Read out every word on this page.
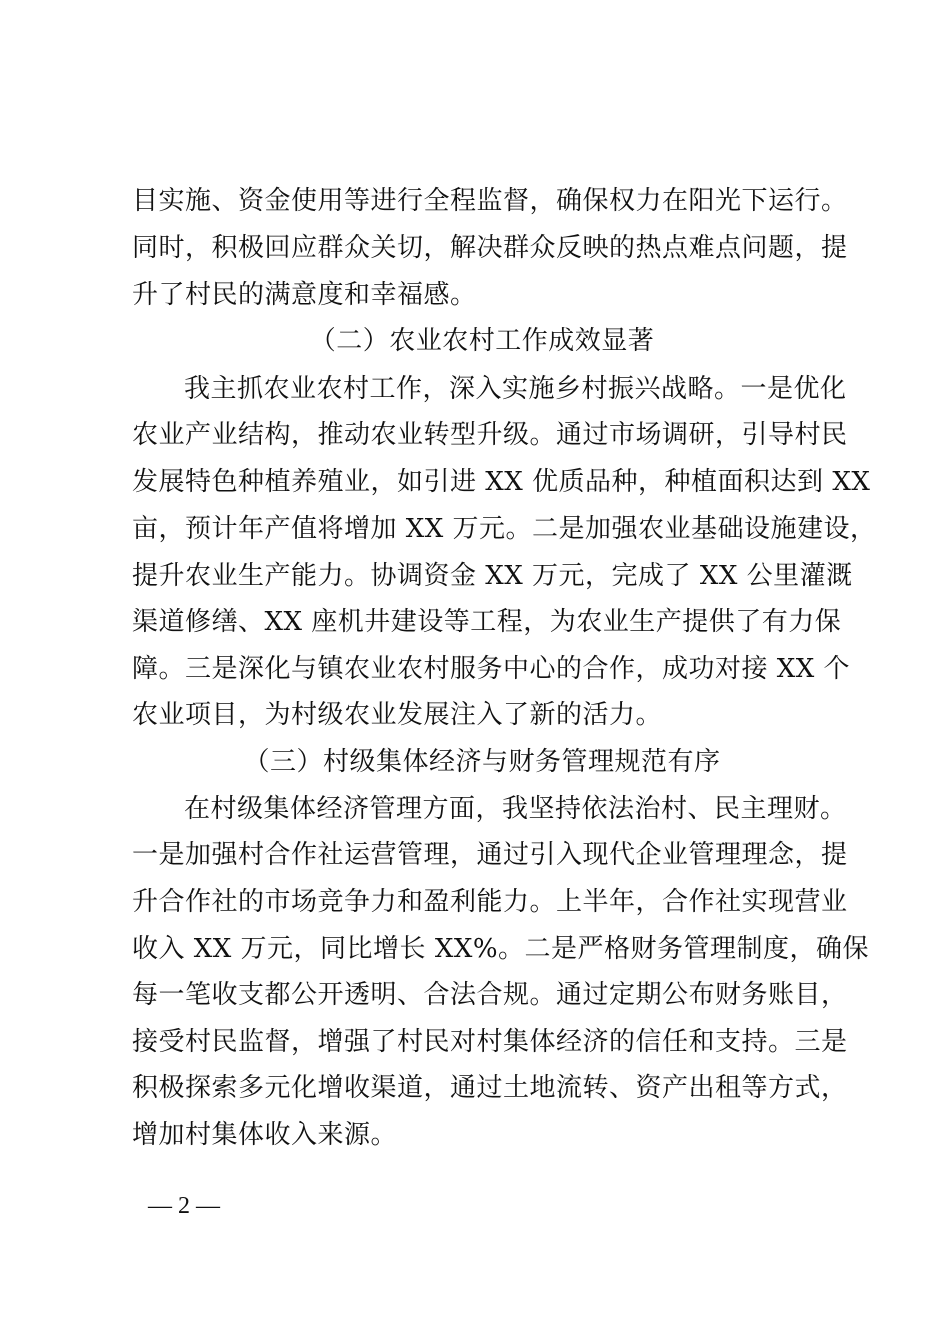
目实施、资金使用等进行全程监督，确保权力在阳光下运行。
同时，积极回应群众关切，解决群众反映的热点难点问题，提
升了村民的满意度和幸福感。
（二）农业农村工作成效显著
我主抓农业农村工作，深入实施乡村振兴战略。一是优化
农业产业结构，推动农业转型升级。通过市场调研，引导村民
发展特色种植养殖业，如引进 XX 优质品种，种植面积达到 XX
亩，预计年产值将增加 XX 万元。二是加强农业基础设施建设，
提升农业生产能力。协调资金 XX 万元，完成了 XX 公里灌溉
渠道修缮、XX 座机井建设等工程，为农业生产提供了有力保
障。三是深化与镇农业农村服务中心的合作，成功对接 XX 个
农业项目，为村级农业发展注入了新的活力。
（三）村级集体经济与财务管理规范有序
在村级集体经济管理方面，我坚持依法治村、民主理财。
一是加强村合作社运营管理，通过引入现代企业管理理念，提
升合作社的市场竞争力和盈利能力。上半年，合作社实现营业
收入 XX 万元，同比增长 XX%。二是严格财务管理制度，确保
每一笔收支都公开透明、合法合规。通过定期公布财务账目，
接受村民监督，增强了村民对村集体经济的信任和支持。三是
积极探索多元化增收渠道，通过土地流转、资产出租等方式，
增加村集体收入来源。
— 2 —
